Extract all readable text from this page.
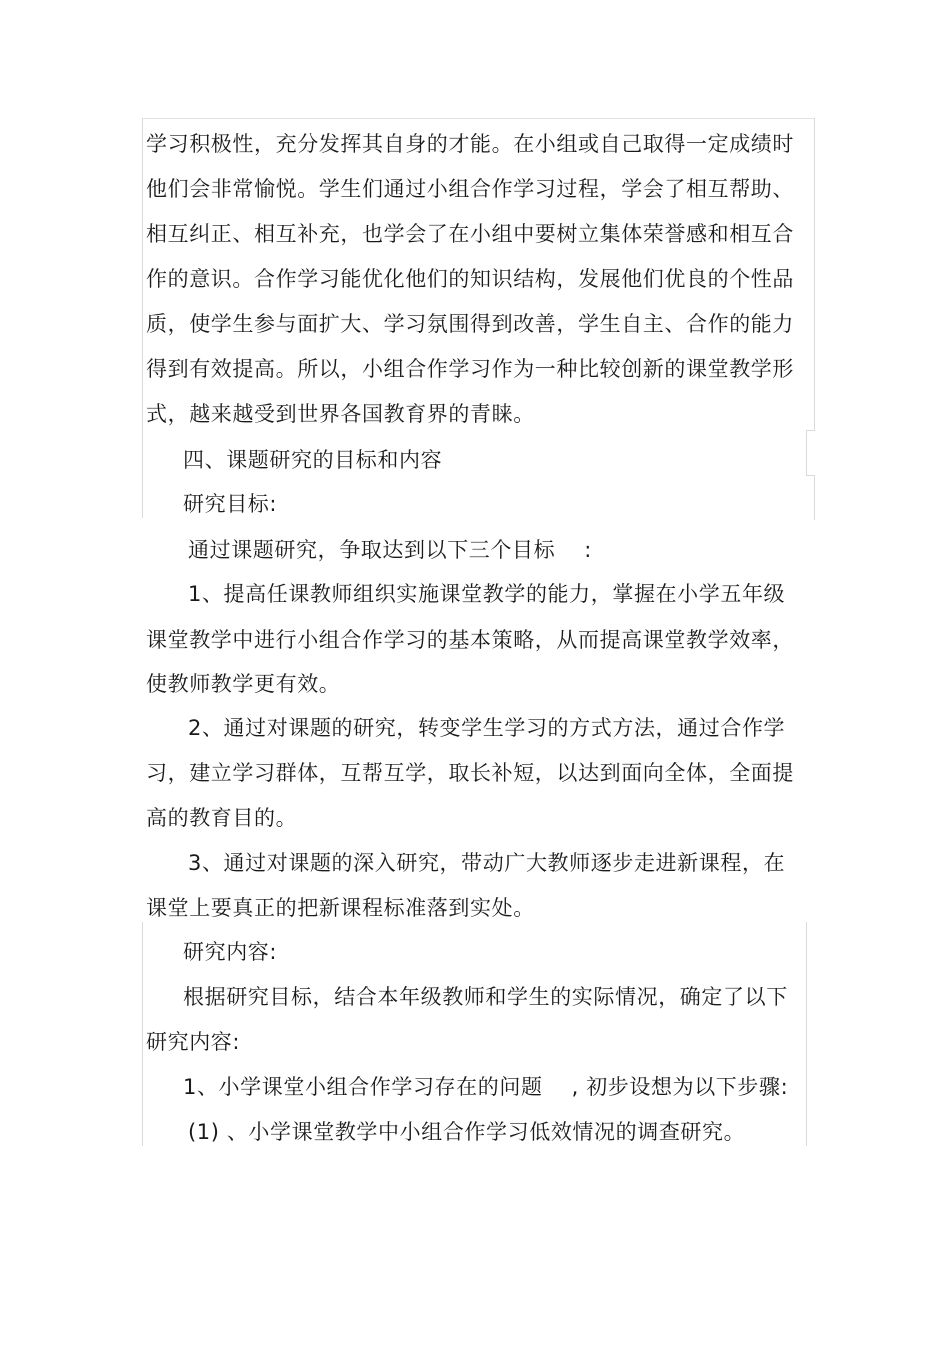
学习积极性，充分发挥其自身的才能。在小组或自己取得一定成绩时
他们会非常愉悦。学生们通过小组合作学习过程，学会了相互帮助、
相互纠正、相互补充，也学会了在小组中要树立集体荣誉感和相互合
作的意识。合作学习能优化他们的知识结构，发展他们优良的个性品
质，使学生参与面扩大、学习氛围得到改善，学生自主、合作的能力
得到有效提高。所以，小组合作学习作为一种比较创新的课堂教学形
式，越来越受到世界各国教育界的青睐。
四、课题研究的目标和内容
研究目标:
通过课题研究，争取达到以下三个目标    :
1、提高任课教师组织实施课堂教学的能力，掌握在小学五年级
课堂教学中进行小组合作学习的基本策略，从而提高课堂教学效率，
使教师教学更有效。
2、通过对课题的研究，转变学生学习的方式方法，通过合作学
习，建立学习群体，互帮互学，取长补短，以达到面向全体，全面提
高的教育目的。
3、通过对课题的深入研究，带动广大教师逐步走进新课程，在
课堂上要真正的把新课程标准落到实处。
研究内容:
根据研究目标，结合本年级教师和学生的实际情况，确定了以下
研究内容:
1、小学课堂小组合作学习存在的问题    , 初步设想为以下步骤:
(1) 、小学课堂教学中小组合作学习低效情况的调查研究。
